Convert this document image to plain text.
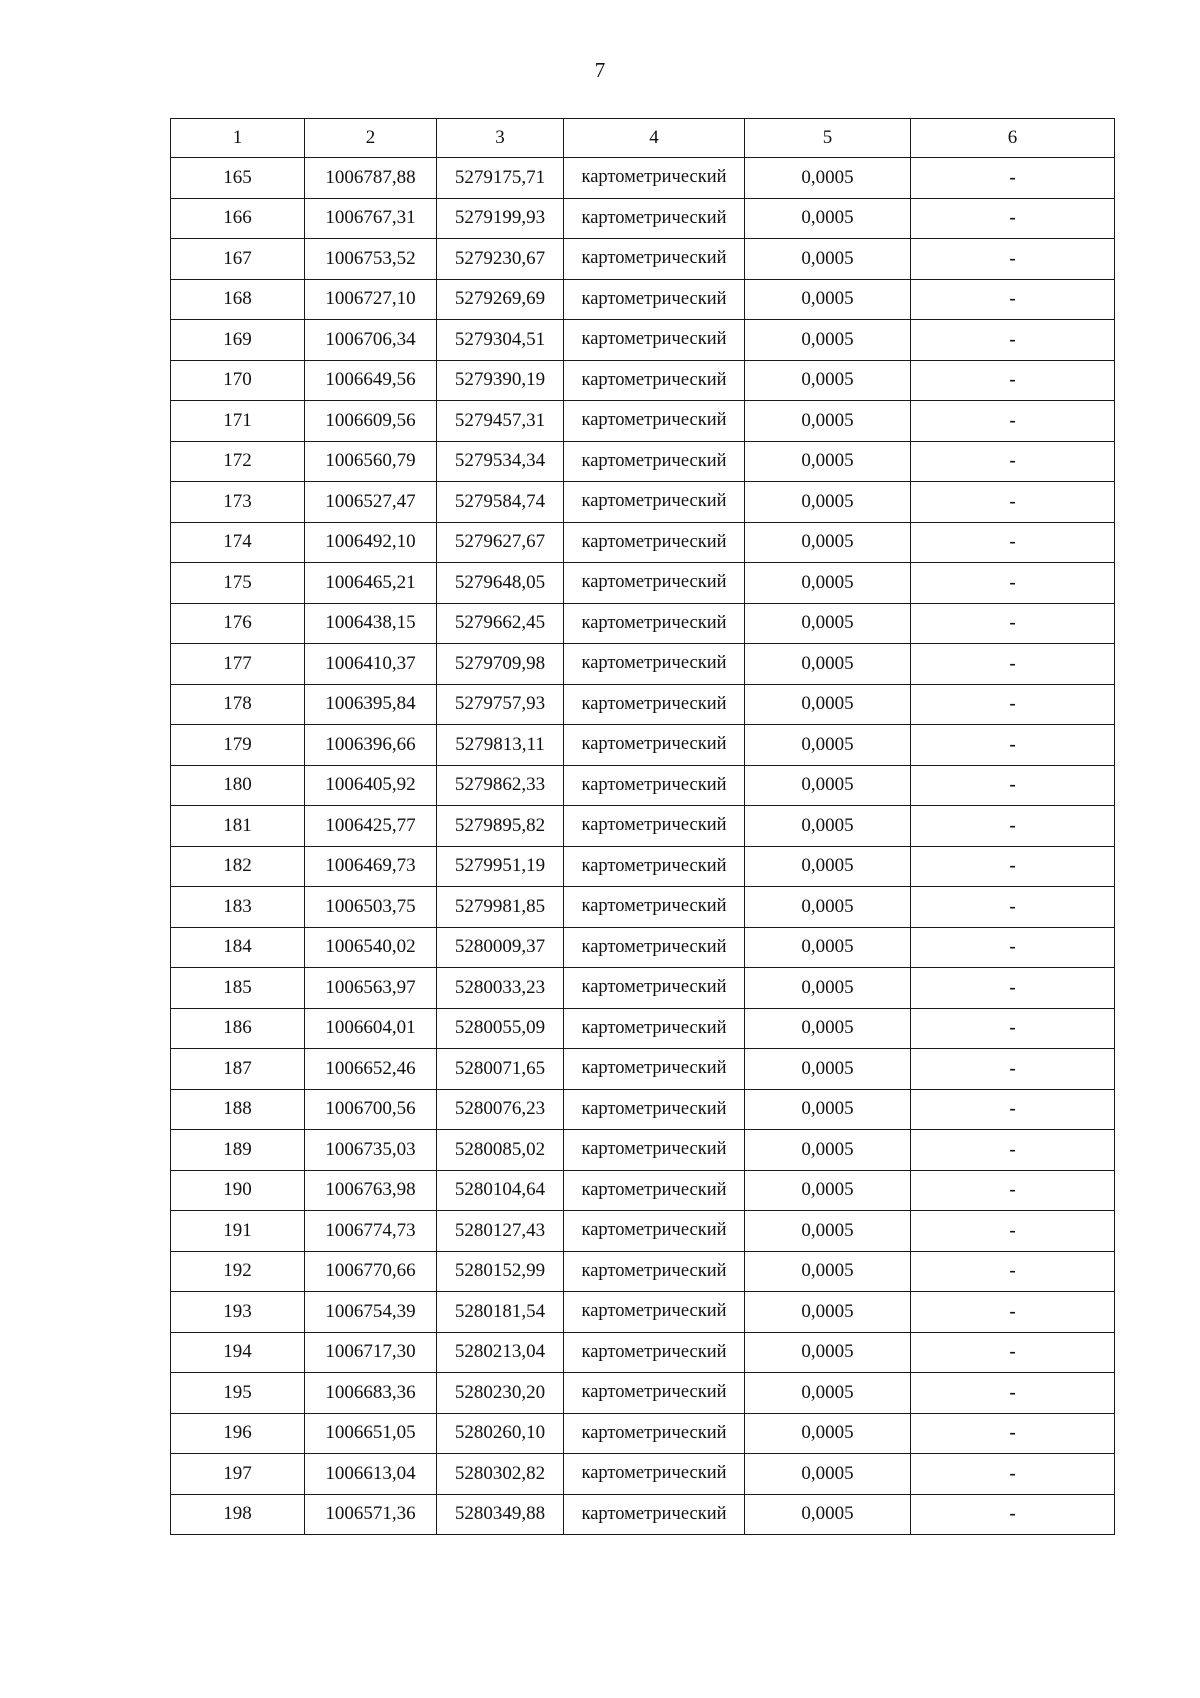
7
1	2	3	4	5	6
165	1006787,88	5279175,71	картометрический	0,0005	-
166	1006767,31	5279199,93	картометрический	0,0005	-
167	1006753,52	5279230,67	картометрический	0,0005	-
168	1006727,10	5279269,69	картометрический	0,0005	-
169	1006706,34	5279304,51	картометрический	0,0005	-
170	1006649,56	5279390,19	картометрический	0,0005	-
171	1006609,56	5279457,31	картометрический	0,0005	-
172	1006560,79	5279534,34	картометрический	0,0005	-
173	1006527,47	5279584,74	картометрический	0,0005	-
174	1006492,10	5279627,67	картометрический	0,0005	-
175	1006465,21	5279648,05	картометрический	0,0005	-
176	1006438,15	5279662,45	картометрический	0,0005	-
177	1006410,37	5279709,98	картометрический	0,0005	-
178	1006395,84	5279757,93	картометрический	0,0005	-
179	1006396,66	5279813,11	картометрический	0,0005	-
180	1006405,92	5279862,33	картометрический	0,0005	-
181	1006425,77	5279895,82	картометрический	0,0005	-
182	1006469,73	5279951,19	картометрический	0,0005	-
183	1006503,75	5279981,85	картометрический	0,0005	-
184	1006540,02	5280009,37	картометрический	0,0005	-
185	1006563,97	5280033,23	картометрический	0,0005	-
186	1006604,01	5280055,09	картометрический	0,0005	-
187	1006652,46	5280071,65	картометрический	0,0005	-
188	1006700,56	5280076,23	картометрический	0,0005	-
189	1006735,03	5280085,02	картометрический	0,0005	-
190	1006763,98	5280104,64	картометрический	0,0005	-
191	1006774,73	5280127,43	картометрический	0,0005	-
192	1006770,66	5280152,99	картометрический	0,0005	-
193	1006754,39	5280181,54	картометрический	0,0005	-
194	1006717,30	5280213,04	картометрический	0,0005	-
195	1006683,36	5280230,20	картометрический	0,0005	-
196	1006651,05	5280260,10	картометрический	0,0005	-
197	1006613,04	5280302,82	картометрический	0,0005	-
198	1006571,36	5280349,88	картометрический	0,0005	-
